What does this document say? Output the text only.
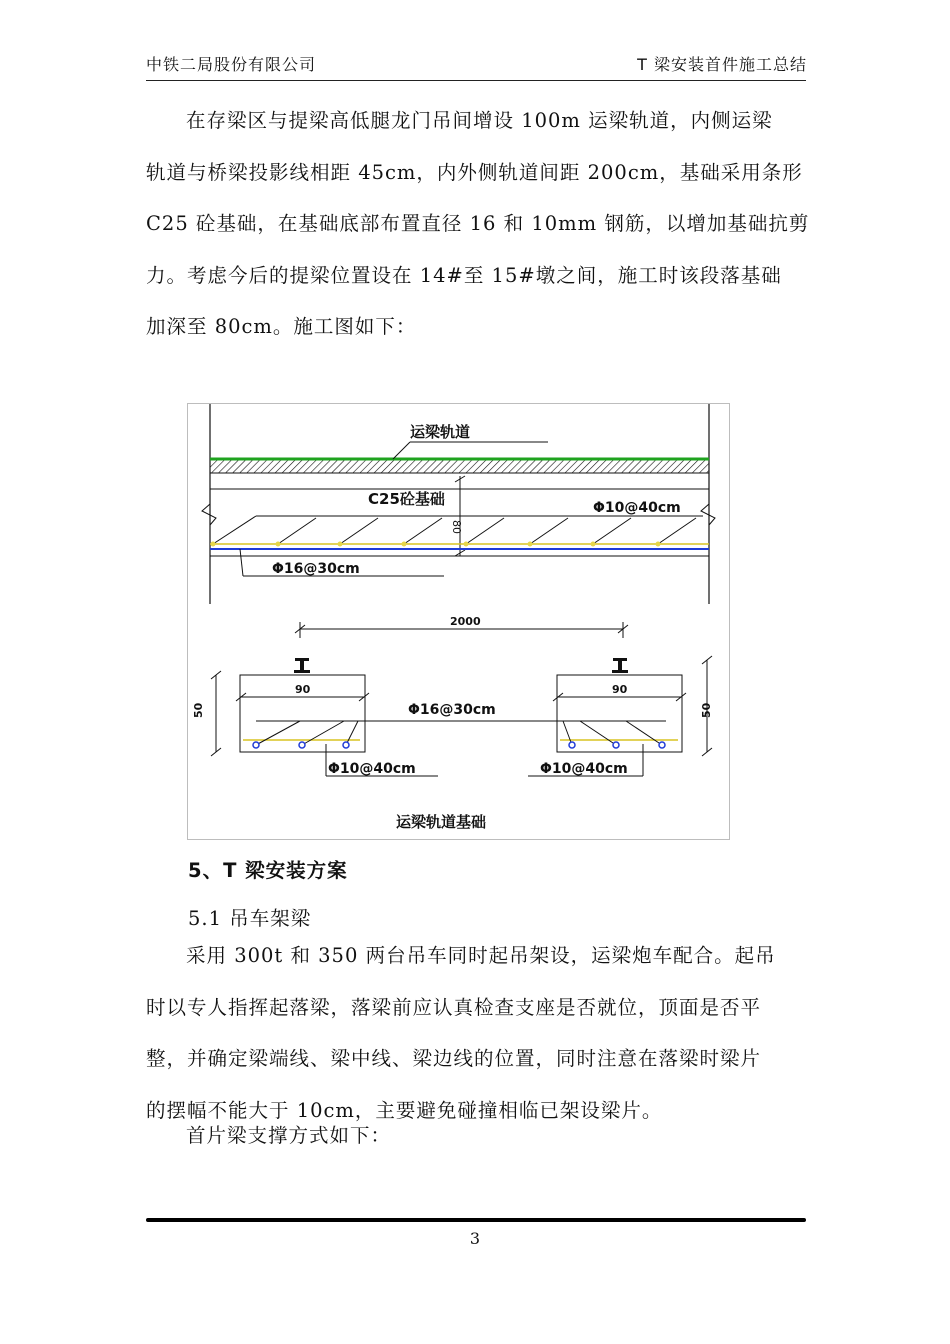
中铁二局股份有限公司	T 梁安装首件施工总结
在存梁区与提梁高低腿龙门吊间增设 100m 运梁轨道，内侧运梁
轨道与桥梁投影线相距 45cm，内外侧轨道间距 200cm，基础采用条形
C25 砼基础，在基础底部布置直径 16 和 10mm 钢筋，以增加基础抗剪
力。考虑今后的提梁位置设在 14#至 15#墩之间，施工时该段落基础
加深至 80cm。施工图如下：
运梁轨道
C25砼基础
80
Φ10@40cm
Φ16@30cm
2000
90	90
Φ16@30cm
50	50
Φ10@40cm	Φ10@40cm
运梁轨道基础
5、T 梁安装方案
5.1 吊车架梁
采用 300t 和 350 两台吊车同时起吊架设，运梁炮车配合。起吊
时以专人指挥起落梁，落梁前应认真检查支座是否就位，顶面是否平
整，并确定梁端线、梁中线、梁边线的位置，同时注意在落梁时梁片
的摆幅不能大于 10cm，主要避免碰撞相临已架设梁片。
首片梁支撑方式如下：
3
